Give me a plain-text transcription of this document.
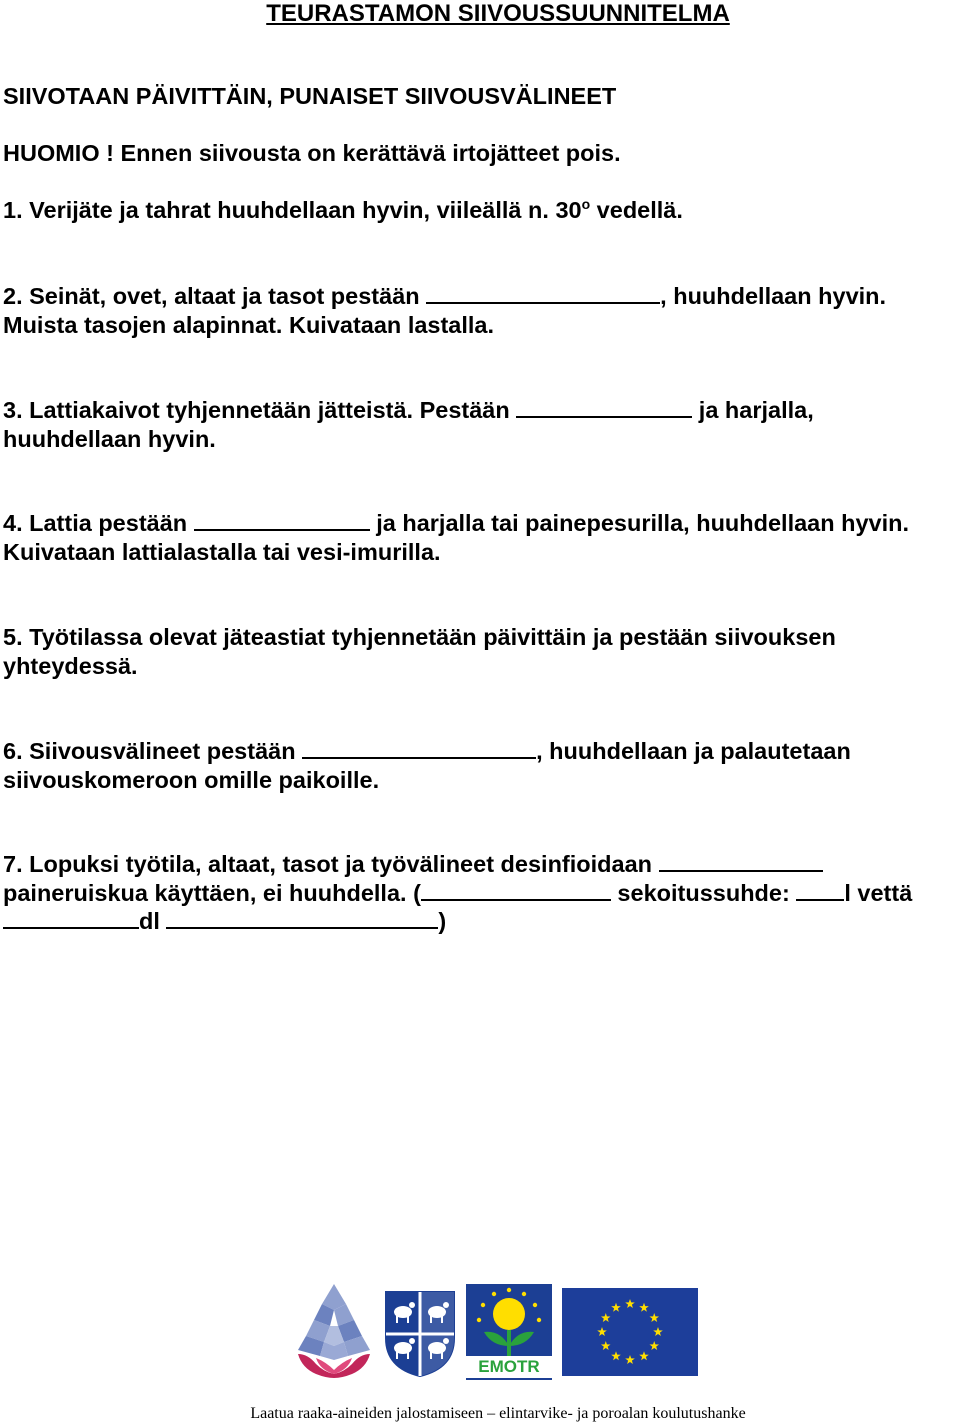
TEURASTAMON SIIVOUSSUUNNITELMA
SIIVOTAAN PÄIVITTÄIN, PUNAISET SIIVOUSVÄLINEET
HUOMIO ! Ennen siivousta on kerättävä irtojätteet pois.
1. Verijäte ja tahrat huuhdellaan hyvin, viileällä n. 30$^o$ vedellä.
2. Seinät, ovet, altaat ja tasot pestään	, huuhdellaan hyvin.
Muista tasojen alapinnat. Kuivataan lastalla.
3. Lattiakaivot tyhjennetään jätteistä. Pestään	ja harjalla,
huuhdellaan hyvin.
4. Lattia pestään	ja harjalla tai painepesurilla, huuhdellaan hyvin.
Kuivataan lattialastalla tai vesi-imurilla.
5. Työtilassa olevat jäteastiat tyhjennetään päivittäin ja pestään siivouksen
yhteydessä.
6. Siivousvälineet pestään	, huuhdellaan ja palautetaan
siivouskomeroon omille paikoille.
7. Lopuksi työtila, altaat, tasot ja työvälineet desinfioidaan
paineruiskua käyttäen, ei huuhdella. (	sekoitussuhde: l vettä
dl	)
EMOTR
Laatua raaka-aineiden jalostamiseen – elintarvike- ja poroalan koulutushanke
